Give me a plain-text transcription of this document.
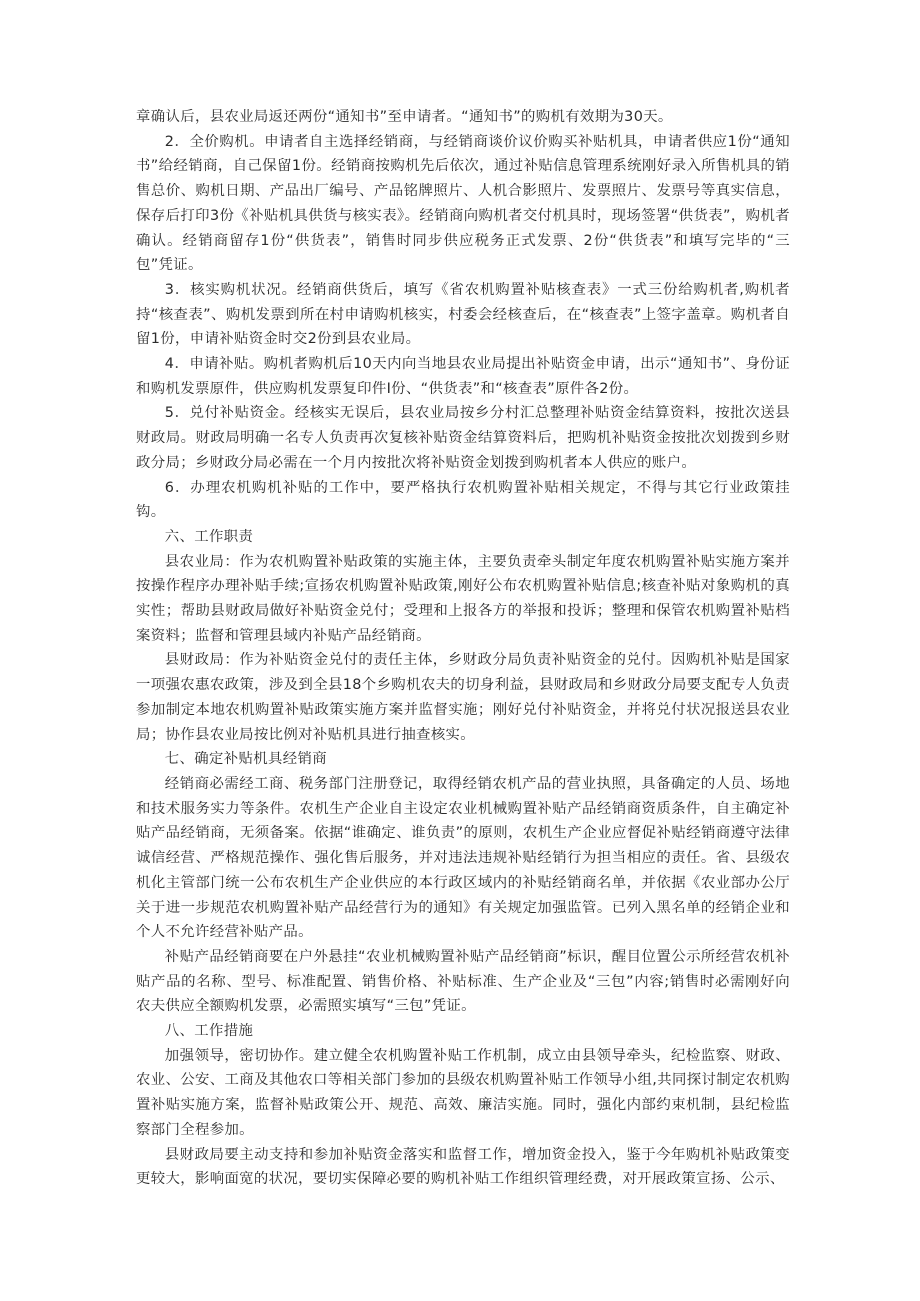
章确认后，县农业局返还两份“通知书”至申请者。“通知书”的购机有效期为30天。

2．全价购机。申请者自主选择经销商，与经销商谈价议价购买补贴机具，申请者供应1份“通知书”给经销商，自己保留1份。经销商按购机先后依次，通过补贴信息管理系统刚好录入所售机具的销售总价、购机日期、产品出厂编号、产品铭牌照片、人机合影照片、发票照片、发票号等真实信息，保存后打印3份《补贴机具供货与核实表》。经销商向购机者交付机具时，现场签署“供货表”，购机者确认。经销商留存1份“供货表”，销售时同步供应税务正式发票、2份“供货表”和填写完毕的“三包”凭证。

3．核实购机状况。经销商供货后，填写《省农机购置补贴核查表》一式三份给购机者,购机者持“核查表”、购机发票到所在村申请购机核实，村委会经核查后，在“核查表”上签字盖章。购机者自留1份，申请补贴资金时交2份到县农业局。

4．申请补贴。购机者购机后10天内向当地县农业局提出补贴资金申请，出示“通知书”、身份证和购机发票原件，供应购机发票复印件I份、“供货表”和“核查表”原件各2份。

5．兑付补贴资金。经核实无误后，县农业局按乡分村汇总整理补贴资金结算资料，按批次送县财政局。财政局明确一名专人负责再次复核补贴资金结算资料后，把购机补贴资金按批次划拨到乡财政分局；乡财政分局必需在一个月内按批次将补贴资金划拨到购机者本人供应的账户。

6．办理农机购机补贴的工作中，要严格执行农机购置补贴相关规定，不得与其它行业政策挂钩。

六、工作职责

县农业局：作为农机购置补贴政策的实施主体，主要负责牵头制定年度农机购置补贴实施方案并按操作程序办理补贴手续;宣扬农机购置补贴政策,刚好公布农机购置补贴信息;核查补贴对象购机的真实性；帮助县财政局做好补贴资金兑付；受理和上报各方的举报和投诉；整理和保管农机购置补贴档案资料；监督和管理县域内补贴产品经销商。

县财政局：作为补贴资金兑付的责任主体，乡财政分局负责补贴资金的兑付。因购机补贴是国家一项强农惠农政策，涉及到全县18个乡购机农夫的切身利益，县财政局和乡财政分局要支配专人负责参加制定本地农机购置补贴政策实施方案并监督实施；刚好兑付补贴资金，并将兑付状况报送县农业局；协作县农业局按比例对补贴机具进行抽查核实。

七、确定补贴机具经销商

经销商必需经工商、税务部门注册登记，取得经销农机产品的营业执照，具备确定的人员、场地和技术服务实力等条件。农机生产企业自主设定农业机械购置补贴产品经销商资质条件，自主确定补贴产品经销商，无须备案。依据“谁确定、谁负责”的原则，农机生产企业应督促补贴经销商遵守法律诚信经营、严格规范操作、强化售后服务，并对违法违规补贴经销行为担当相应的责任。省、县级农机化主管部门统一公布农机生产企业供应的本行政区域内的补贴经销商名单，并依据《农业部办公厅关于进一步规范农机购置补贴产品经营行为的通知》有关规定加强监管。已列入黑名单的经销企业和个人不允许经营补贴产品。

补贴产品经销商要在户外悬挂“农业机械购置补贴产品经销商”标识，醒目位置公示所经营农机补贴产品的名称、型号、标准配置、销售价格、补贴标准、生产企业及“三包”内容;销售时必需刚好向农夫供应全额购机发票，必需照实填写“三包”凭证。

八、工作措施

加强领导，密切协作。建立健全农机购置补贴工作机制，成立由县领导牵头，纪检监察、财政、农业、公安、工商及其他农口等相关部门参加的县级农机购置补贴工作领导小组,共同探讨制定农机购置补贴实施方案，监督补贴政策公开、规范、高效、廉洁实施。同时，强化内部约束机制，县纪检监察部门全程参加。

县财政局要主动支持和参加补贴资金落实和监督工作，增加资金投入，鉴于今年购机补贴政策变更较大，影响面宽的状况，要切实保障必要的购机补贴工作组织管理经费，对开展政策宣扬、公示、
